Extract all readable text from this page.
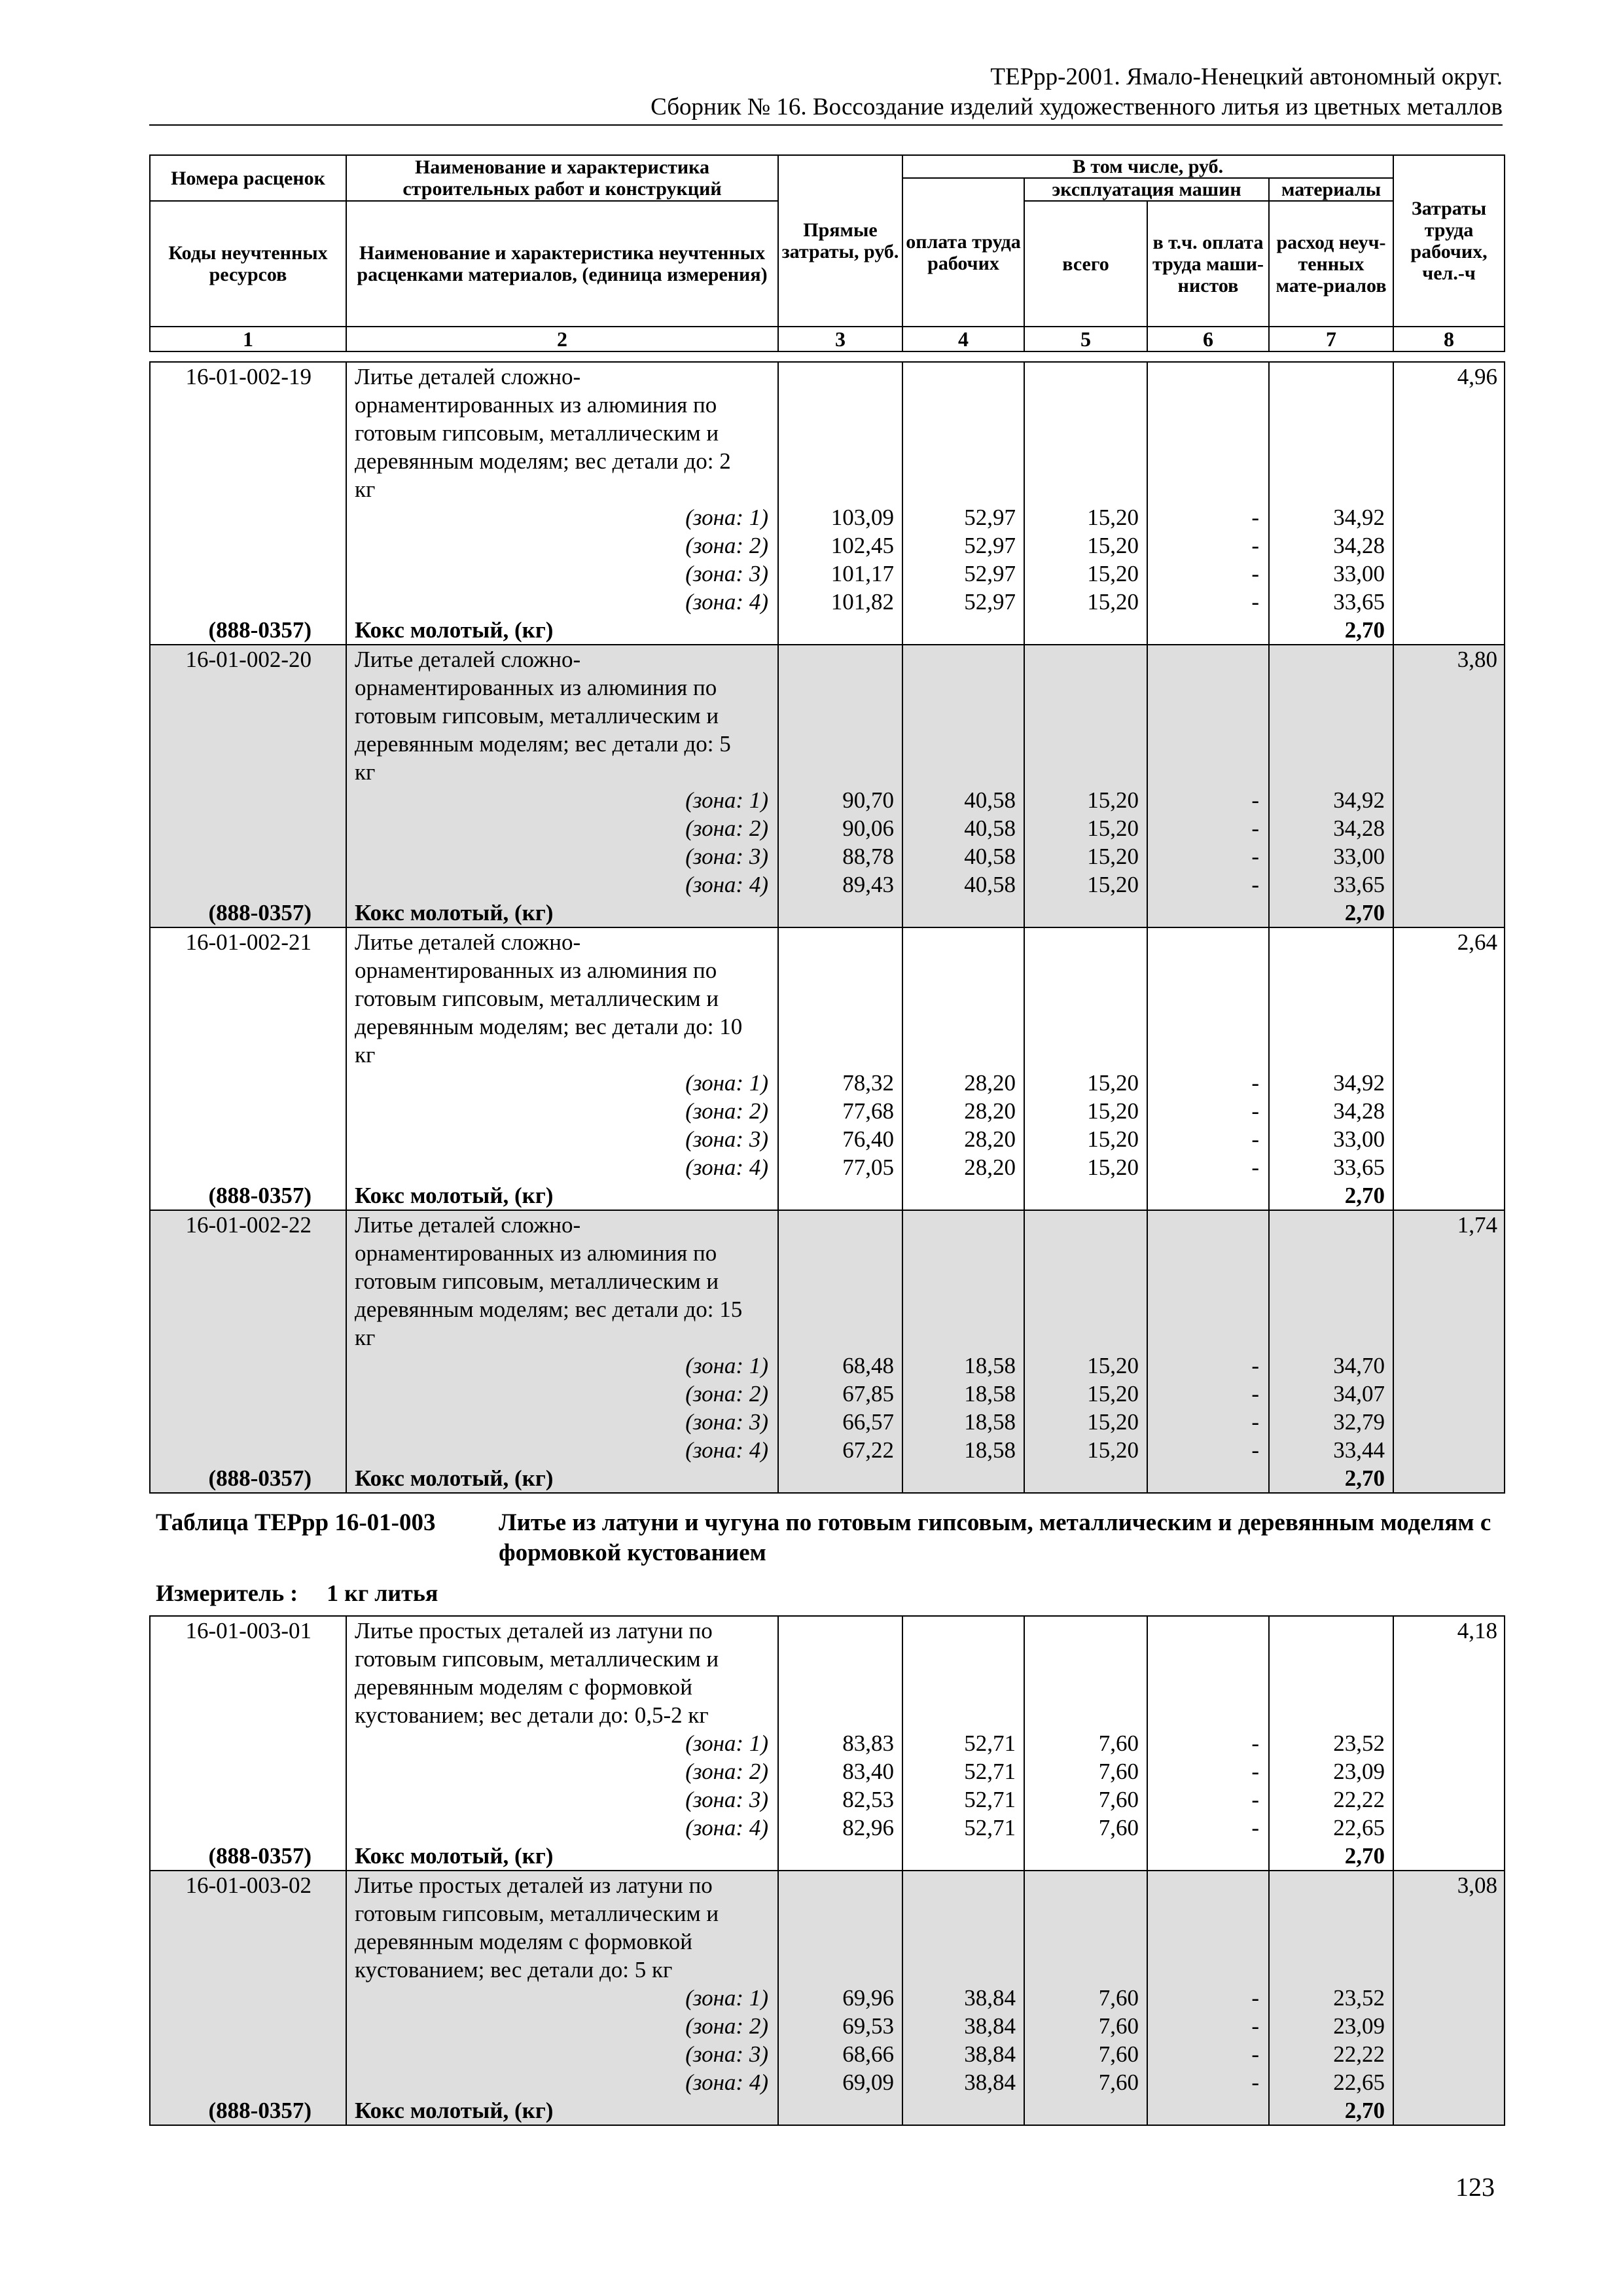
ТЕРрр-2001. Ямало-Ненецкий автономный округ.
Сборник № 16. Воссоздание изделий художественного литья из цветных металлов
Номера расценок	Наименование и характеристика строительных работ и конструкций	Прямые затраты, руб.	В том числе, руб.				Затраты труда рабочих, чел.-ч
			оплата труда рабочих	эксплуатация машин		материалы	
Коды неучтенных ресурсов	Наименование и характеристика неучтенных расценками материалов, (единица измерения)			всего	в т.ч. оплата труда маши-нистов	расход неуч-тенных мате-риалов	
1	2	3	4	5	6	7	8
16-01-002-19	Литье деталей сложно-						4,96
	орнаментированных из алюминия по						
	готовым гипсовым, металлическим и						
	деревянным моделям; вес детали до: 2						
	кг						
	(зона: 1)	103,09	52,97	15,20	-	34,92	
	(зона: 2)	102,45	52,97	15,20	-	34,28	
	(зона: 3)	101,17	52,97	15,20	-	33,00	
	(зона: 4)	101,82	52,97	15,20	-	33,65	
(888-0357)	Кокс молотый, (кг)					2,70	
16-01-002-20	Литье деталей сложно-						3,80
	орнаментированных из алюминия по						
	готовым гипсовым, металлическим и						
	деревянным моделям; вес детали до: 5						
	кг						
	(зона: 1)	90,70	40,58	15,20	-	34,92	
	(зона: 2)	90,06	40,58	15,20	-	34,28	
	(зона: 3)	88,78	40,58	15,20	-	33,00	
	(зона: 4)	89,43	40,58	15,20	-	33,65	
(888-0357)	Кокс молотый, (кг)					2,70	
16-01-002-21	Литье деталей сложно-						2,64
	орнаментированных из алюминия по						
	готовым гипсовым, металлическим и						
	деревянным моделям; вес детали до: 10						
	кг						
	(зона: 1)	78,32	28,20	15,20	-	34,92	
	(зона: 2)	77,68	28,20	15,20	-	34,28	
	(зона: 3)	76,40	28,20	15,20	-	33,00	
	(зона: 4)	77,05	28,20	15,20	-	33,65	
(888-0357)	Кокс молотый, (кг)					2,70	
16-01-002-22	Литье деталей сложно-						1,74
	орнаментированных из алюминия по						
	готовым гипсовым, металлическим и						
	деревянным моделям; вес детали до: 15						
	кг						
	(зона: 1)	68,48	18,58	15,20	-	34,70	
	(зона: 2)	67,85	18,58	15,20	-	34,07	
	(зона: 3)	66,57	18,58	15,20	-	32,79	
	(зона: 4)	67,22	18,58	15,20	-	33,44	
(888-0357)	Кокс молотый, (кг)					2,70	
Таблица ТЕРрр 16-01-003	Литье из латуни и чугуна по готовым гипсовым, металлическим и деревянным моделям с формовкой кустованием
Измеритель : 1 кг литья
16-01-003-01	Литье простых деталей из латуни по						4,18
	готовым гипсовым, металлическим и						
	деревянным моделям с формовкой						
	кустованием; вес детали до: 0,5-2 кг						
	(зона: 1)	83,83	52,71	7,60	-	23,52	
	(зона: 2)	83,40	52,71	7,60	-	23,09	
	(зона: 3)	82,53	52,71	7,60	-	22,22	
	(зона: 4)	82,96	52,71	7,60	-	22,65	
(888-0357)	Кокс молотый, (кг)					2,70	
16-01-003-02	Литье простых деталей из латуни по						3,08
	готовым гипсовым, металлическим и						
	деревянным моделям с формовкой						
	кустованием; вес детали до: 5 кг						
	(зона: 1)	69,96	38,84	7,60	-	23,52	
	(зона: 2)	69,53	38,84	7,60	-	23,09	
	(зона: 3)	68,66	38,84	7,60	-	22,22	
	(зона: 4)	69,09	38,84	7,60	-	22,65	
(888-0357)	Кокс молотый, (кг)					2,70	
123
